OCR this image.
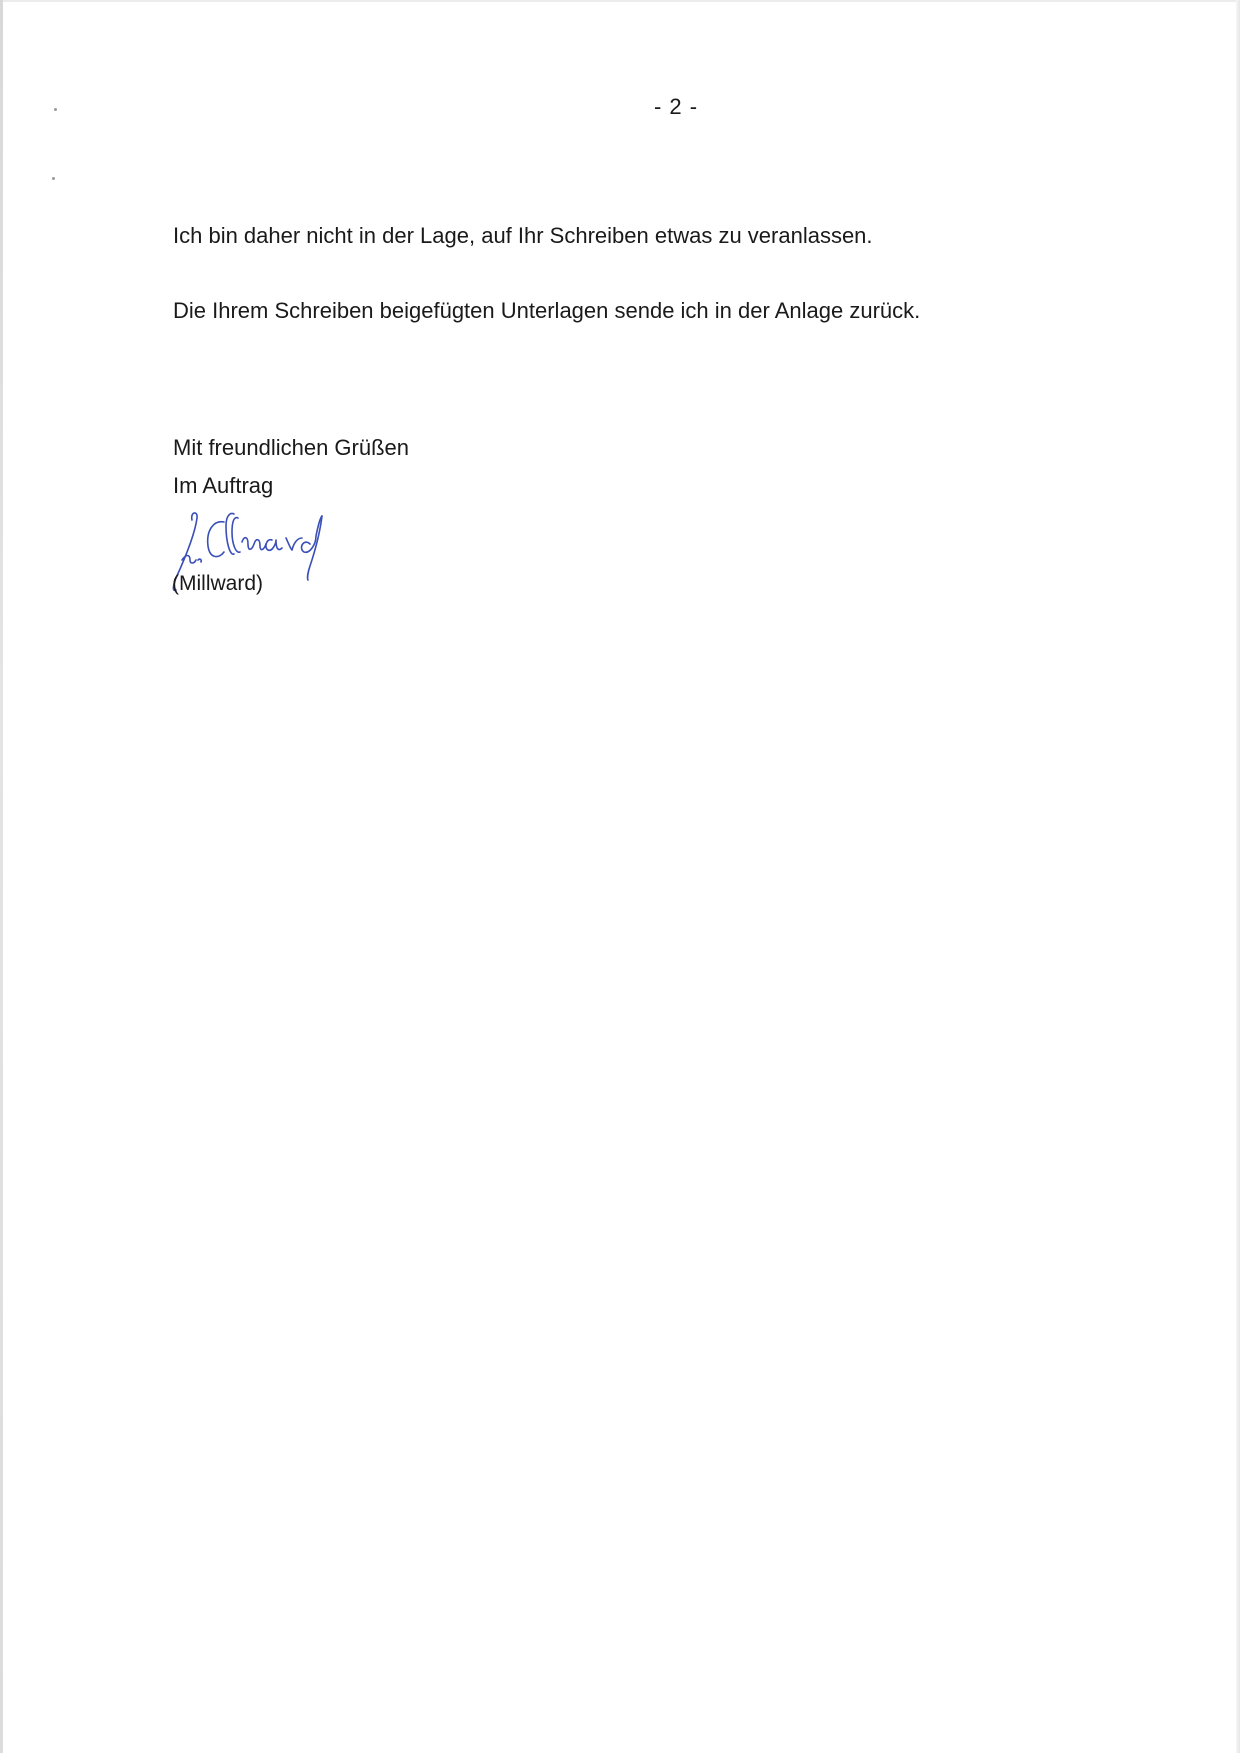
- 2 -
Ich bin daher nicht in der Lage, auf Ihr Schreiben etwas zu veranlassen.
Die Ihrem Schreiben beigefügten Unterlagen sende ich in der Anlage zurück.
Mit freundlichen Grüßen
Im Auftrag
(Millward)
